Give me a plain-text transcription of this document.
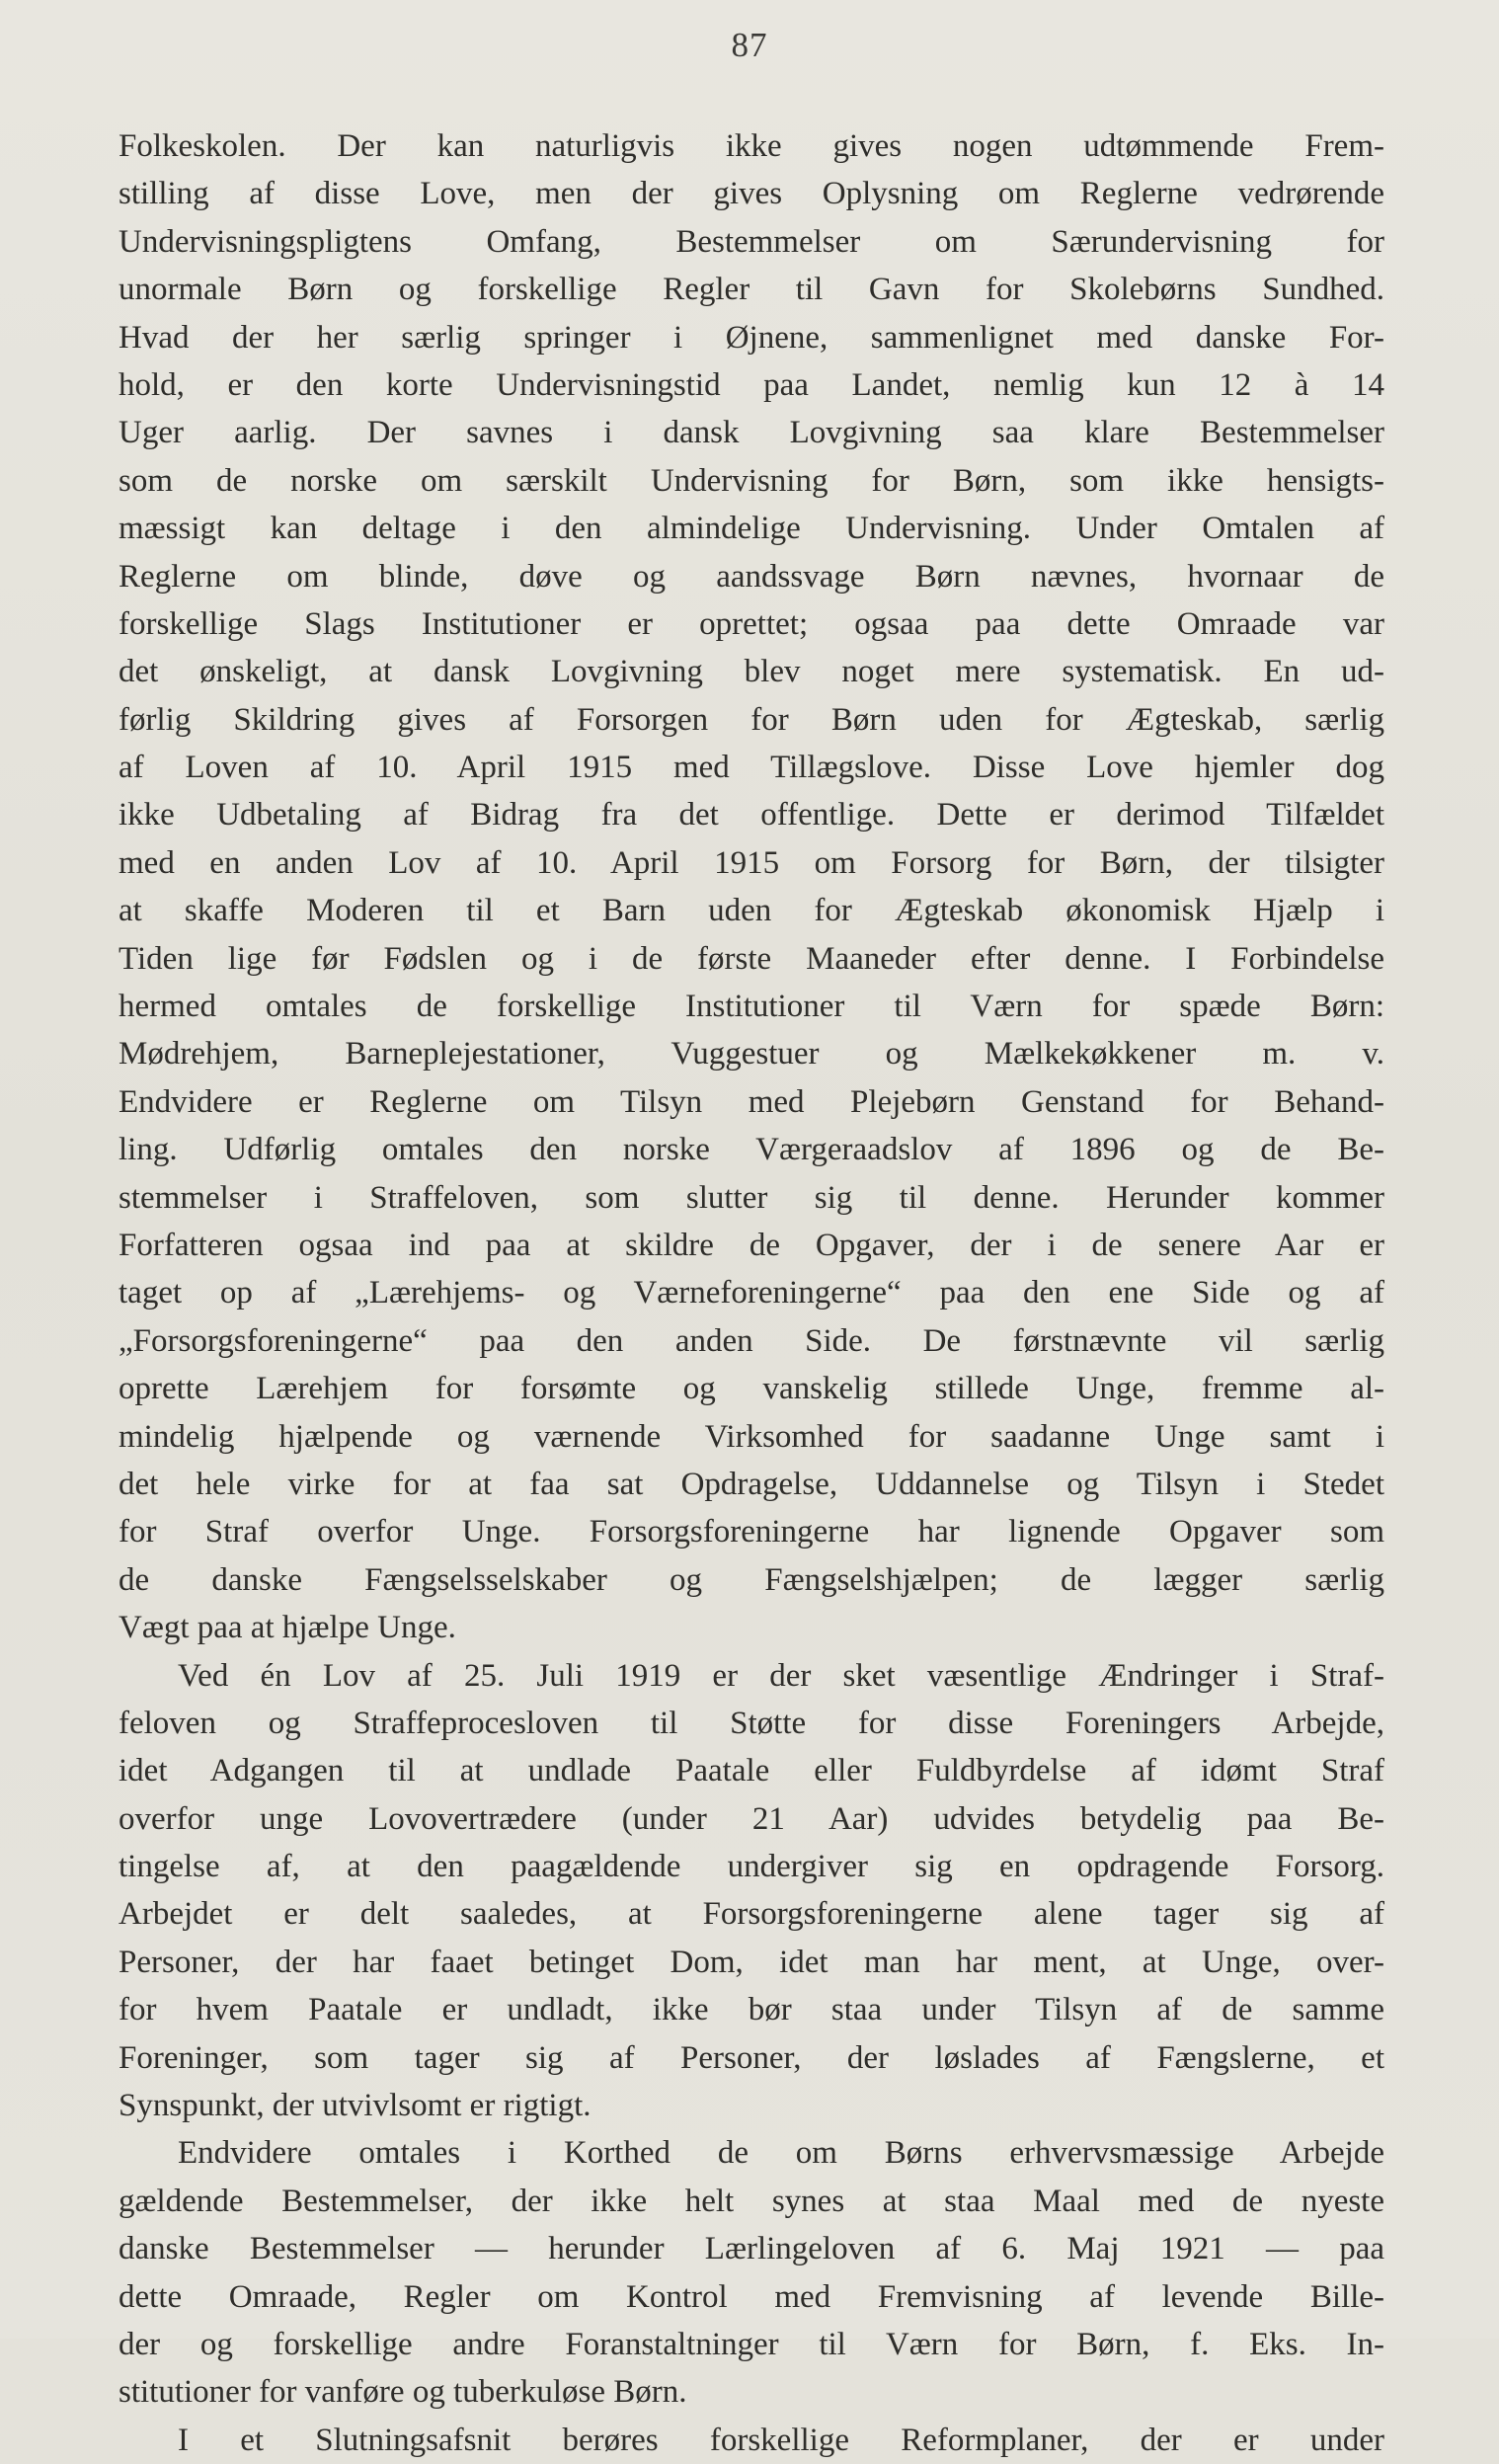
87
Folkeskolen. Der kan naturligvis ikke gives nogen udtømmende Frem-
stilling af disse Love, men der gives Oplysning om Reglerne vedrørende
Undervisningspligtens Omfang, Bestemmelser om Særundervisning for
unormale Børn og forskellige Regler til Gavn for Skolebørns Sundhed.
Hvad der her særlig springer i Øjnene, sammenlignet med danske For-
hold, er den korte Undervisningstid paa Landet, nemlig kun 12 à 14
Uger aarlig. Der savnes i dansk Lovgivning saa klare Bestemmelser
som de norske om særskilt Undervisning for Børn, som ikke hensigts-
mæssigt kan deltage i den almindelige Undervisning. Under Omtalen af
Reglerne om blinde, døve og aandssvage Børn nævnes, hvornaar de
forskellige Slags Institutioner er oprettet; ogsaa paa dette Omraade var
det ønskeligt, at dansk Lovgivning blev noget mere systematisk. En ud-
førlig Skildring gives af Forsorgen for Børn uden for Ægteskab, særlig
af Loven af 10. April 1915 med Tillægslove. Disse Love hjemler dog
ikke Udbetaling af Bidrag fra det offentlige. Dette er derimod Tilfældet
med en anden Lov af 10. April 1915 om Forsorg for Børn, der tilsigter
at skaffe Moderen til et Barn uden for Ægteskab økonomisk Hjælp i
Tiden lige før Fødslen og i de første Maaneder efter denne. I Forbindelse
hermed omtales de forskellige Institutioner til Værn for spæde Børn:
Mødrehjem, Barneplejestationer, Vuggestuer og Mælkekøkkener m. v.
Endvidere er Reglerne om Tilsyn med Plejebørn Genstand for Behand-
ling. Udførlig omtales den norske Værgeraadslov af 1896 og de Be-
stemmelser i Straffeloven, som slutter sig til denne. Herunder kommer
Forfatteren ogsaa ind paa at skildre de Opgaver, der i de senere Aar er
taget op af „Lærehjems- og Værneforeningerne“ paa den ene Side og af
„Forsorgsforeningerne“ paa den anden Side. De førstnævnte vil særlig
oprette Lærehjem for forsømte og vanskelig stillede Unge, fremme al-
mindelig hjælpende og værnende Virksomhed for saadanne Unge samt i
det hele virke for at faa sat Opdragelse, Uddannelse og Tilsyn i Stedet
for Straf overfor Unge. Forsorgsforeningerne har lignende Opgaver som
de danske Fængselsselskaber og Fængselshjælpen; de lægger særlig
Vægt paa at hjælpe Unge.
Ved én Lov af 25. Juli 1919 er der sket væsentlige Ændringer i Straf-
feloven og Straffeprocesloven til Støtte for disse Foreningers Arbejde,
idet Adgangen til at undlade Paatale eller Fuldbyrdelse af idømt Straf
overfor unge Lovovertrædere (under 21 Aar) udvides betydelig paa Be-
tingelse af, at den paagældende undergiver sig en opdragende Forsorg.
Arbejdet er delt saaledes, at Forsorgsforeningerne alene tager sig af
Personer, der har faaet betinget Dom, idet man har ment, at Unge, over-
for hvem Paatale er undladt, ikke bør staa under Tilsyn af de samme
Foreninger, som tager sig af Personer, der løslades af Fængslerne, et
Synspunkt, der utvivlsomt er rigtigt.
Endvidere omtales i Korthed de om Børns erhvervsmæssige Arbejde
gældende Bestemmelser, der ikke helt synes at staa Maal med de nyeste
danske Bestemmelser — herunder Lærlingeloven af 6. Maj 1921 — paa
dette Omraade, Regler om Kontrol med Fremvisning af levende Bille-
der og forskellige andre Foranstaltninger til Værn for Børn, f. Eks. In-
stitutioner for vanføre og tuberkuløse Børn.
I et Slutningsafsnit berøres forskellige Reformplaner, der er under
